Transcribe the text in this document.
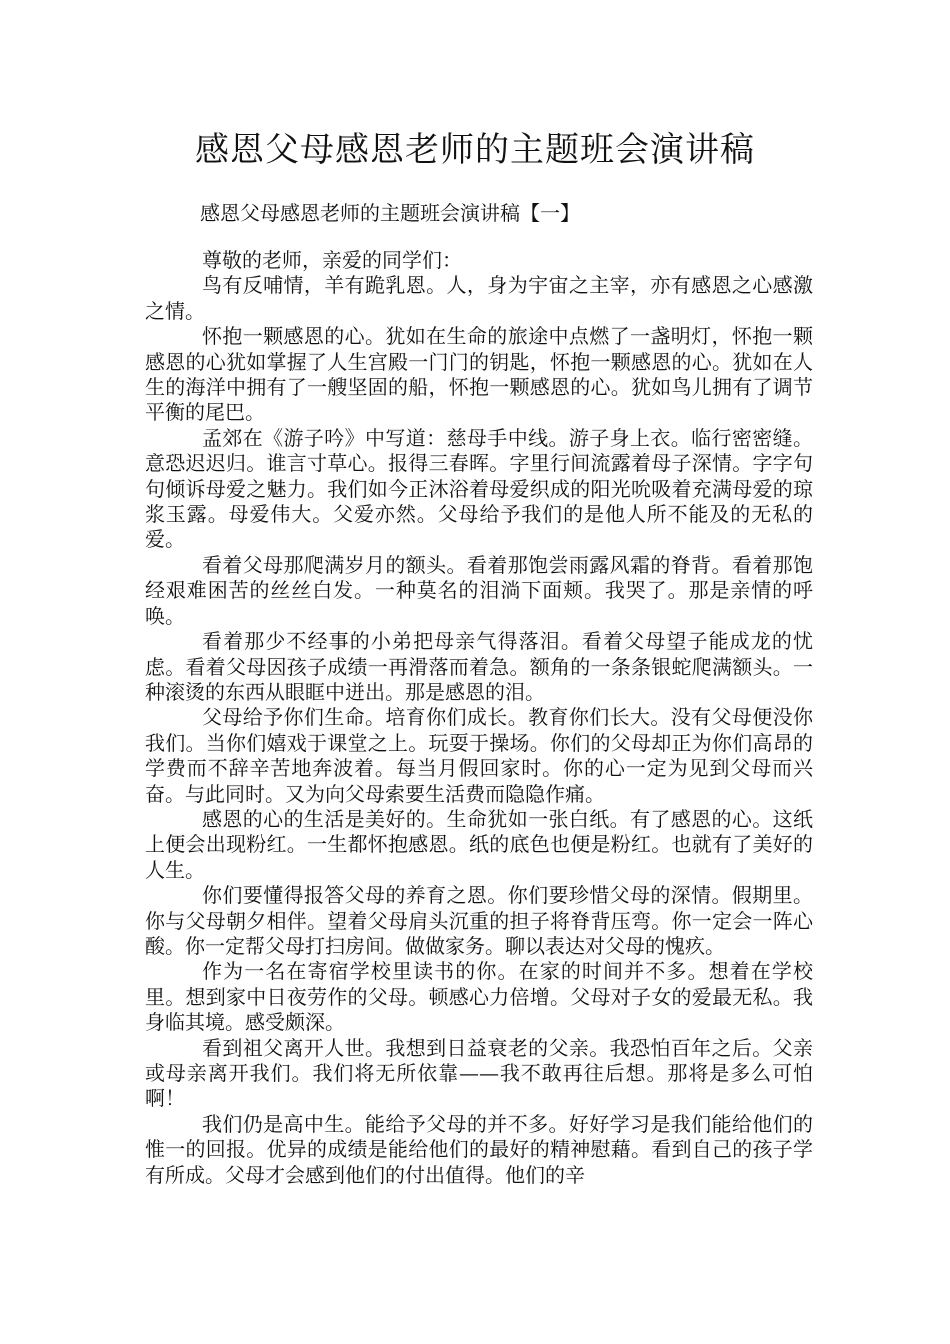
感恩父母感恩老师的主题班会演讲稿

感恩父母感恩老师的主题班会演讲稿【一】

尊敬的老师，亲爱的同学们：

鸟有反哺情，羊有跪乳恩。人，身为宇宙之主宰，亦有感恩之心感激之情。

怀抱一颗感恩的心。犹如在生命的旅途中点燃了一盏明灯，怀抱一颗感恩的心犹如掌握了人生宫殿一门门的钥匙，怀抱一颗感恩的心。犹如在人生的海洋中拥有了一艘坚固的船，怀抱一颗感恩的心。犹如鸟儿拥有了调节平衡的尾巴。

孟郊在《游子吟》中写道：慈母手中线。游子身上衣。临行密密缝。意恐迟迟归。谁言寸草心。报得三春晖。字里行间流露着母子深情。字字句句倾诉母爱之魅力。我们如今正沐浴着母爱织成的阳光吮吸着充满母爱的琼浆玉露。母爱伟大。父爱亦然。父母给予我们的是他人所不能及的无私的爱。

看着父母那爬满岁月的额头。看着那饱尝雨露风霜的脊背。看着那饱经艰难困苦的丝丝白发。一种莫名的泪淌下面颊。我哭了。那是亲情的呼唤。

看着那少不经事的小弟把母亲气得落泪。看着父母望子能成龙的忧虑。看着父母因孩子成绩一再滑落而着急。额角的一条条银蛇爬满额头。一种滚烫的东西从眼眶中迸出。那是感恩的泪。

父母给予你们生命。培育你们成长。教育你们长大。没有父母便没你我们。当你们嬉戏于课堂之上。玩耍于操场。你们的父母却正为你们高昂的学费而不辞辛苦地奔波着。每当月假回家时。你的心一定为见到父母而兴奋。与此同时。又为向父母索要生活费而隐隐作痛。

感恩的心的生活是美好的。生命犹如一张白纸。有了感恩的心。这纸上便会出现粉红。一生都怀抱感恩。纸的底色也便是粉红。也就有了美好的人生。

你们要懂得报答父母的养育之恩。你们要珍惜父母的深情。假期里。你与父母朝夕相伴。望着父母肩头沉重的担子将脊背压弯。你一定会一阵心酸。你一定帮父母打扫房间。做做家务。聊以表达对父母的愧疚。

作为一名在寄宿学校里读书的你。在家的时间并不多。想着在学校里。想到家中日夜劳作的父母。顿感心力倍增。父母对子女的爱最无私。我身临其境。感受颇深。

看到祖父离开人世。我想到日益衰老的父亲。我恐怕百年之后。父亲或母亲离开我们。我们将无所依靠——我不敢再往后想。那将是多么可怕啊！

我们仍是高中生。能给予父母的并不多。好好学习是我们能给他们的惟一的回报。优异的成绩是能给他们的最好的精神慰藉。看到自己的孩子学有所成。父母才会感到他们的付出值得。他们的辛
